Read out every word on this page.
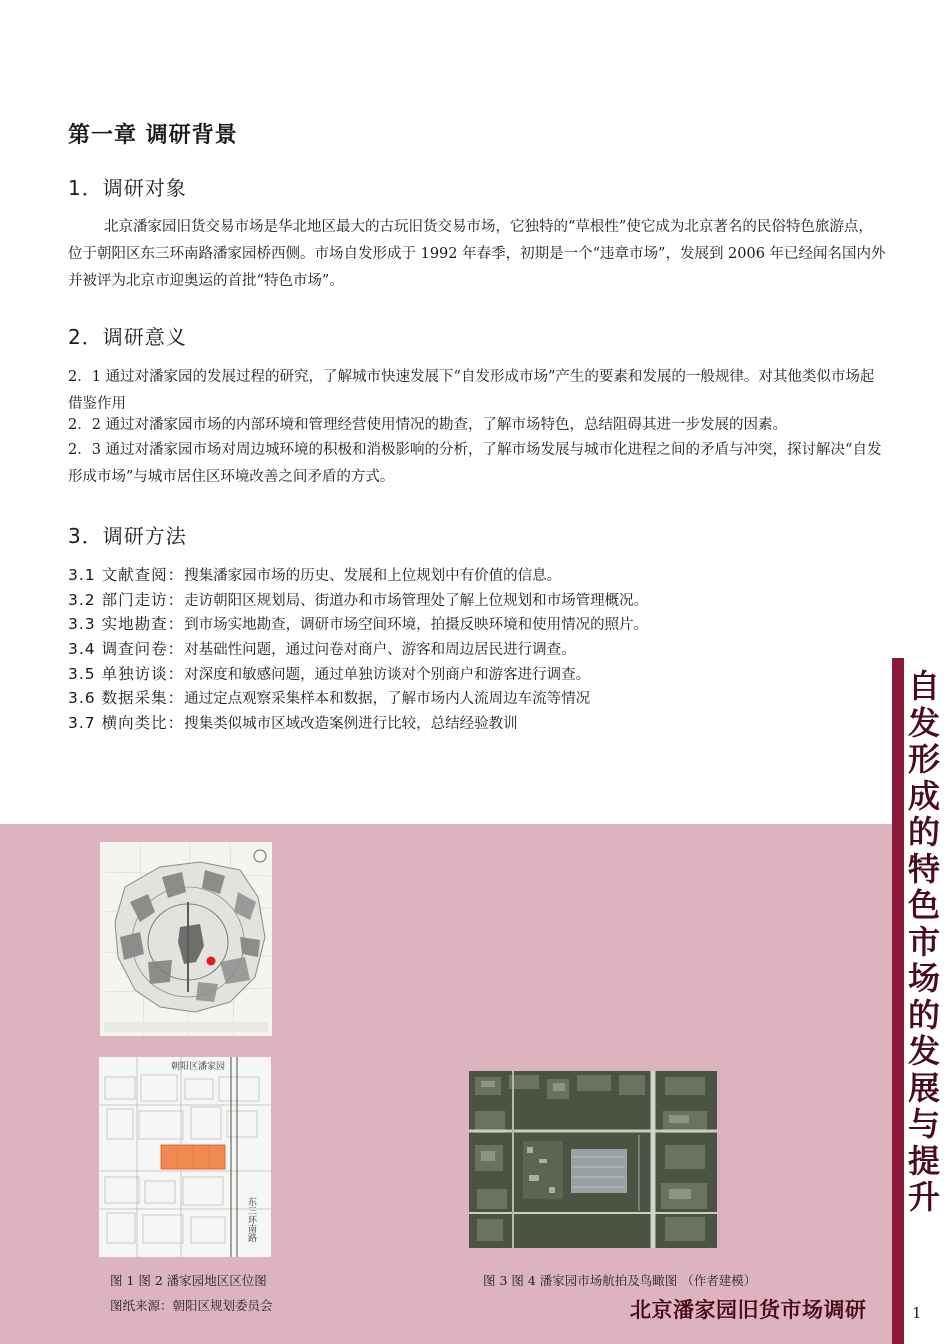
第一章 调研背景
1．调研对象
北京潘家园旧货交易市场是华北地区最大的古玩旧货交易市场，它独特的“草根性”使它成为北京著名的民俗特色旅游点，位于朝阳区东三环南路潘家园桥西侧。市场自发形成于 1992 年春季，初期是一个“违章市场”，发展到 2006 年已经闻名国内外并被评为北京市迎奥运的首批“特色市场”。
2．调研意义
2．1 通过对潘家园的发展过程的研究，了解城市快速发展下“自发形成市场”产生的要素和发展的一般规律。对其他类似市场起借鉴作用
2．2 通过对潘家园市场的内部环境和管理经营使用情况的勘查，了解市场特色，总结阻碍其进一步发展的因素。
2．3 通过对潘家园市场对周边城环境的积极和消极影响的分析，了解市场发展与城市化进程之间的矛盾与冲突，探讨解决“自发形成市场”与城市居住区环境改善之间矛盾的方式。
3．调研方法
3.1 文献查阅：搜集潘家园市场的历史、发展和上位规划中有价值的信息。
3.2 部门走访：走访朝阳区规划局、街道办和市场管理处了解上位规划和市场管理概况。
3.3 实地勘查：到市场实地勘查，调研市场空间环境，拍摄反映环境和使用情况的照片。
3.4 调查问卷：对基础性问题，通过问卷对商户、游客和周边居民进行调查。
3.5 单独访谈：对深度和敏感问题，通过单独访谈对个别商户和游客进行调查。
3.6 数据采集：通过定点观察采集样本和数据，了解市场内人流周边车流等情况
3.7 横向类比：搜集类似城市区域改造案例进行比较，总结经验教训
自
发
形
成
的
特
色
市
场
的
发
展
与
提
升
朝阳区潘家园
东三环南路
图 1 图 2 潘家园地区区位图
图纸来源：朝阳区规划委员会
图 3 图 4 潘家园市场航拍及鸟瞰图 （作者建模）
北京潘家园旧货市场调研	1
